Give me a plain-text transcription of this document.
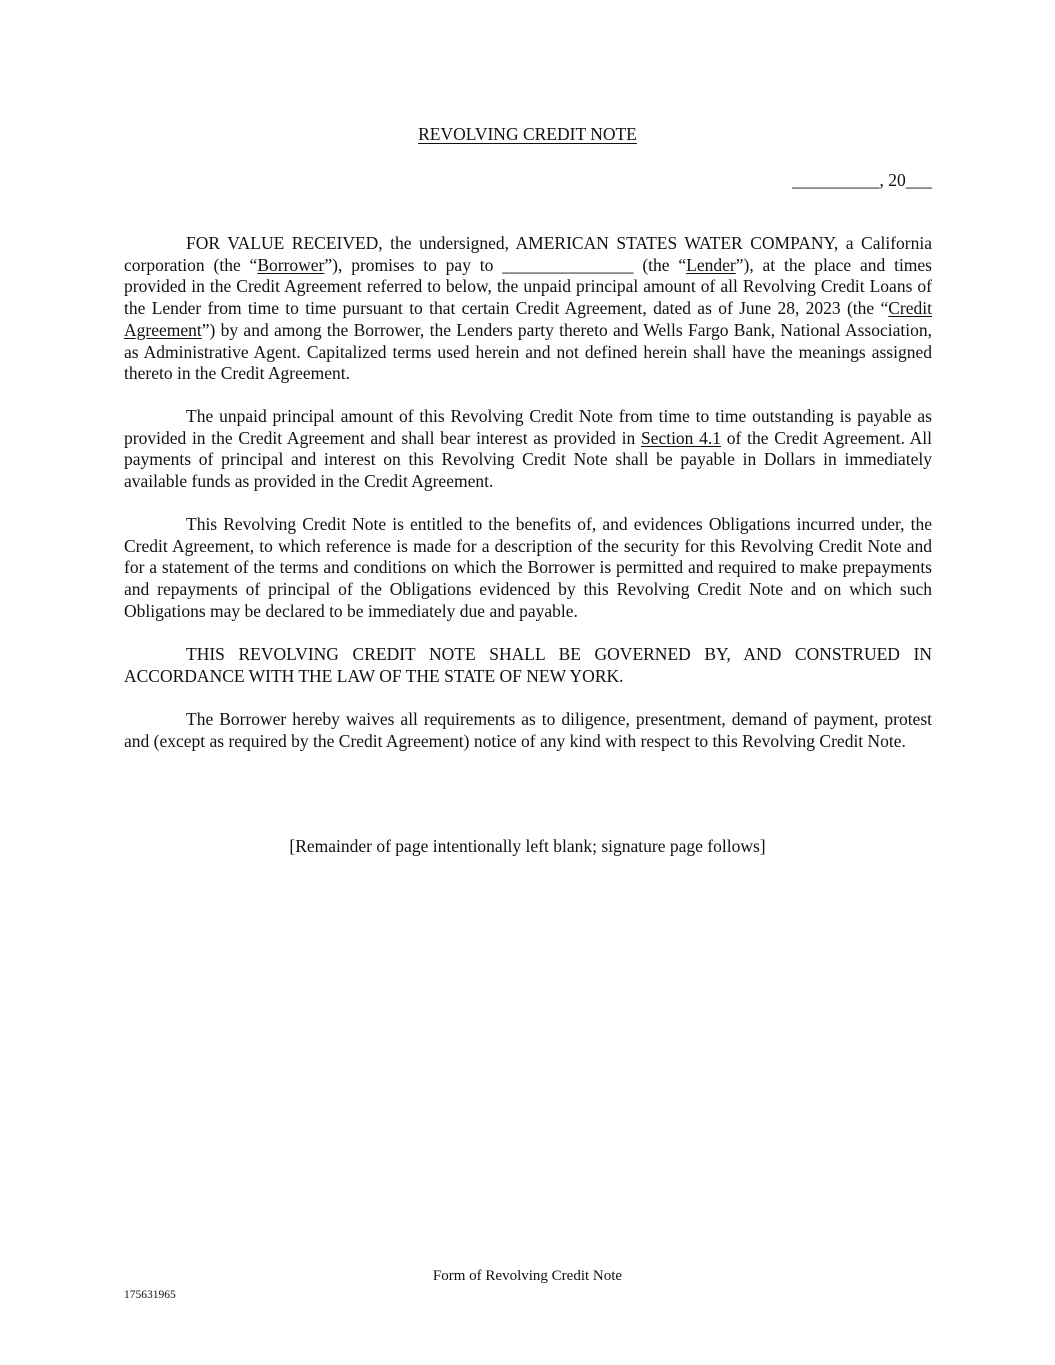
REVOLVING CREDIT NOTE
__________, 20___

FOR VALUE RECEIVED, the undersigned, AMERICAN STATES WATER COMPANY, a California corporation (the “Borrower”), promises to pay to _______________ (the “Lender”), at the place and times provided in the Credit Agreement referred to below, the unpaid principal amount of all Revolving Credit Loans of the Lender from time to time pursuant to that certain Credit Agreement, dated as of June 28, 2023 (the “Credit Agreement”) by and among the Borrower, the Lenders party thereto and Wells Fargo Bank, National Association, as Administrative Agent. Capitalized terms used herein and not defined herein shall have the meanings assigned thereto in the Credit Agreement.

The unpaid principal amount of this Revolving Credit Note from time to time outstanding is payable as provided in the Credit Agreement and shall bear interest as provided in Section 4.1 of the Credit Agreement. All payments of principal and interest on this Revolving Credit Note shall be payable in Dollars in immediately available funds as provided in the Credit Agreement.

This Revolving Credit Note is entitled to the benefits of, and evidences Obligations incurred under, the Credit Agreement, to which reference is made for a description of the security for this Revolving Credit Note and for a statement of the terms and conditions on which the Borrower is permitted and required to make prepayments and repayments of principal of the Obligations evidenced by this Revolving Credit Note and on which such Obligations may be declared to be immediately due and payable.

THIS REVOLVING CREDIT NOTE SHALL BE GOVERNED BY, AND CONSTRUED IN ACCORDANCE WITH THE LAW OF THE STATE OF NEW YORK.

The Borrower hereby waives all requirements as to diligence, presentment, demand of payment, protest and (except as required by the Credit Agreement) notice of any kind with respect to this Revolving Credit Note.

[Remainder of page intentionally left blank; signature page follows]
Form of Revolving Credit Note
175631965
